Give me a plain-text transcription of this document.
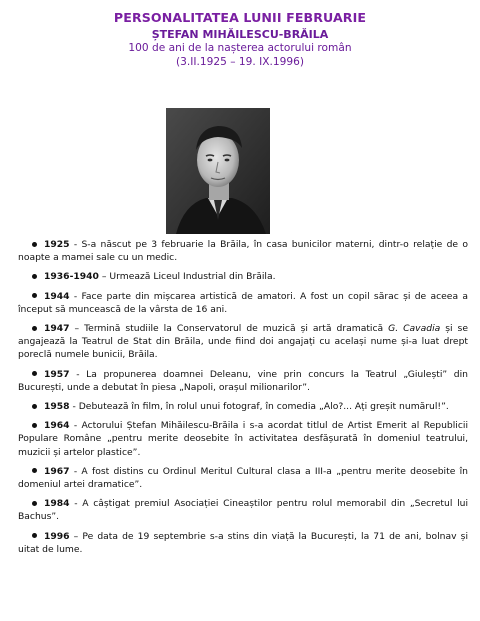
PERSONALITATEA LUNII FEBRUARIE
ȘTEFAN MIHĂILESCU-BRĂILA
100 de ani de la nașterea actorului român
(3.II.1925 – 19. IX.1996)
1925 - S-a născut pe 3 februarie la Brăila, în casa bunicilor materni, dintr-o relație de o noapte a mamei sale cu un medic.
1936-1940 – Urmează Liceul Industrial din Brăila.
1944 - Face parte din mișcarea artistică de amatori. A fost un copil sărac și de aceea a început să muncească de la vârsta de 16 ani.
1947 – Termină studiile la Conservatorul de muzică și artă dramatică G. Cavadia și se angajează la Teatrul de Stat din Brăila, unde fiind doi angajați cu același nume și-a luat drept poreclă numele bunicii, Brăila.
1957 - La propunerea doamnei Deleanu, vine prin concurs la Teatrul „Giulești” din București, unde a debutat în piesa „Napoli, orașul milionarilor”.
1958 - Debutează în film, în rolul unui fotograf, în comedia „Alo?... Ați greșit numărul!”.
1964 - Actorului Ștefan Mihăilescu-Brăila i s-a acordat titlul de Artist Emerit al Republicii Populare Române „pentru merite deosebite în activitatea desfășurată în domeniul teatrului, muzicii și artelor plastice”.
1967 - A fost distins cu Ordinul Meritul Cultural clasa a III-a „pentru merite deosebite în domeniul artei dramatice”.
1984 - A câștigat premiul Asociației Cineaștilor pentru rolul memorabil din „Secretul lui Bachus”.
1996 – Pe data de 19 septembrie s-a stins din viață la București, la 71 de ani, bolnav și uitat de lume.
